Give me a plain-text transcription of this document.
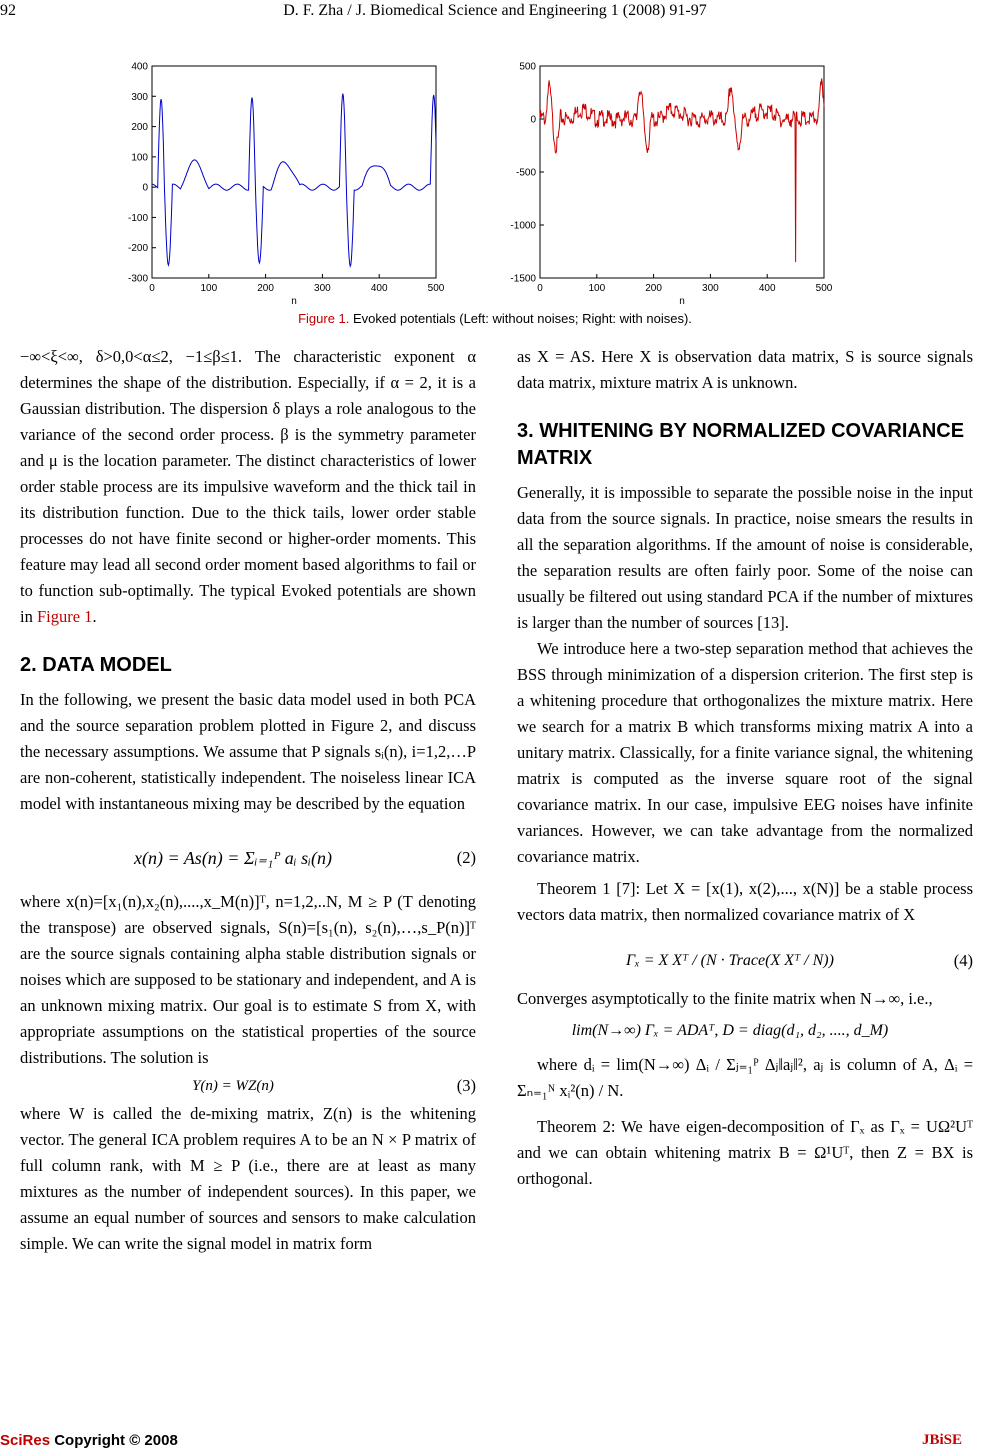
92	D. F. Zha / J. Biomedical Science and Engineering 1 (2008) 91-97
400
300
200
100
0
-100
-200
-300
0	100	200	300	400	500
n
500
0
-500
-1000
-1500
0	100	200	300	400	500
n
Figure 1. Evoked potentials (Left: without noises; Right: with noises).

−∞<ξ<∞, δ>0,0<α≤2, −1≤β≤1. The characteristic exponent α determines the shape of the distribution. Especially, if α = 2, it is a Gaussian distribution. The dispersion δ plays a role analogous to the variance of the second order process. β is the symmetry parameter and μ is the location parameter. The distinct characteristics of lower order stable process are its impulsive waveform and the thick tail in its distribution function. Due to the thick tails, lower order stable processes do not have finite second or higher-order moments. This feature may lead all second order moment based algorithms to fail or to function sub-optimally. The typical Evoked potentials are shown in Figure 1.

2. DATA MODEL

In the following, we present the basic data model used in both PCA and the source separation problem plotted in Figure 2, and discuss the necessary assumptions. We assume that P signals sᵢ(n), i=1,2,…P are non-coherent, statistically independent. The noiseless linear ICA model with instantaneous mixing may be described by the equation

x(n) = As(n) = Σᵢ₌₁ᴾ aᵢ sᵢ(n)	(2)

where x(n)=[x₁(n),x₂(n),....,x_M(n)]ᵀ, n=1,2,..N, M ≥ P (T denoting the transpose) are observed signals, S(n)=[s₁(n), s₂(n),…,s_P(n)]ᵀ are the source signals containing alpha stable distribution signals or noises which are supposed to be stationary and independent, and A is an unknown mixing matrix. Our goal is to estimate S from X, with appropriate assumptions on the statistical properties of the source distributions. The solution is

Y(n) = WZ(n)	(3)

where W is called the de-mixing matrix, Z(n) is the whitening vector. The general ICA problem requires A to be an N × P matrix of full column rank, with M ≥ P (i.e., there are at least as many mixtures as the number of independent sources). In this paper, we assume an equal number of sources and sensors to make calculation simple. We can write the signal model in matrix form

as X = AS. Here X is observation data matrix, S is source signals data matrix, mixture matrix A is unknown.

3. WHITENING BY NORMALIZED COVARIANCE MATRIX

Generally, it is impossible to separate the possible noise in the input data from the source signals. In practice, noise smears the results in all the separation algorithms. If the amount of noise is considerable, the separation results are often fairly poor. Some of the noise can usually be filtered out using standard PCA if the number of mixtures is larger than the number of sources [13].

We introduce here a two-step separation method that achieves the BSS through minimization of a dispersion criterion. The first step is a whitening procedure that orthogonalizes the mixture matrix. Here we search for a matrix B which transforms mixing matrix A into a unitary matrix. Classically, for a finite variance signal, the whitening matrix is computed as the inverse square root of the signal covariance matrix. In our case, impulsive EEG noises have infinite variances. However, we can take advantage from the normalized covariance matrix.

Theorem 1 [7]: Let X = [x(1), x(2),..., x(N)] be a stable process vectors data matrix, then normalized covariance matrix of X

Γₓ = X Xᵀ / (N · Trace(X Xᵀ / N))	(4)

Converges asymptotically to the finite matrix when N→∞, i.e.,

lim(N→∞) Γₓ = ADAᵀ, D = diag(d₁, d₂, ...., d_M)

where dᵢ = lim(N→∞) Δᵢ / Σⱼ₌₁ᴾ Δⱼ‖aⱼ‖², aⱼ is column of A, Δᵢ = Σₙ₌₁ᴺ xᵢ²(n) / N.

Theorem 2: We have eigen-decomposition of Γₓ as Γₓ = UΩ²Uᵀ and we can obtain whitening matrix B = Ω¹Uᵀ, then Z = BX is orthogonal.

SciRes Copyright © 2008	JBiSE
